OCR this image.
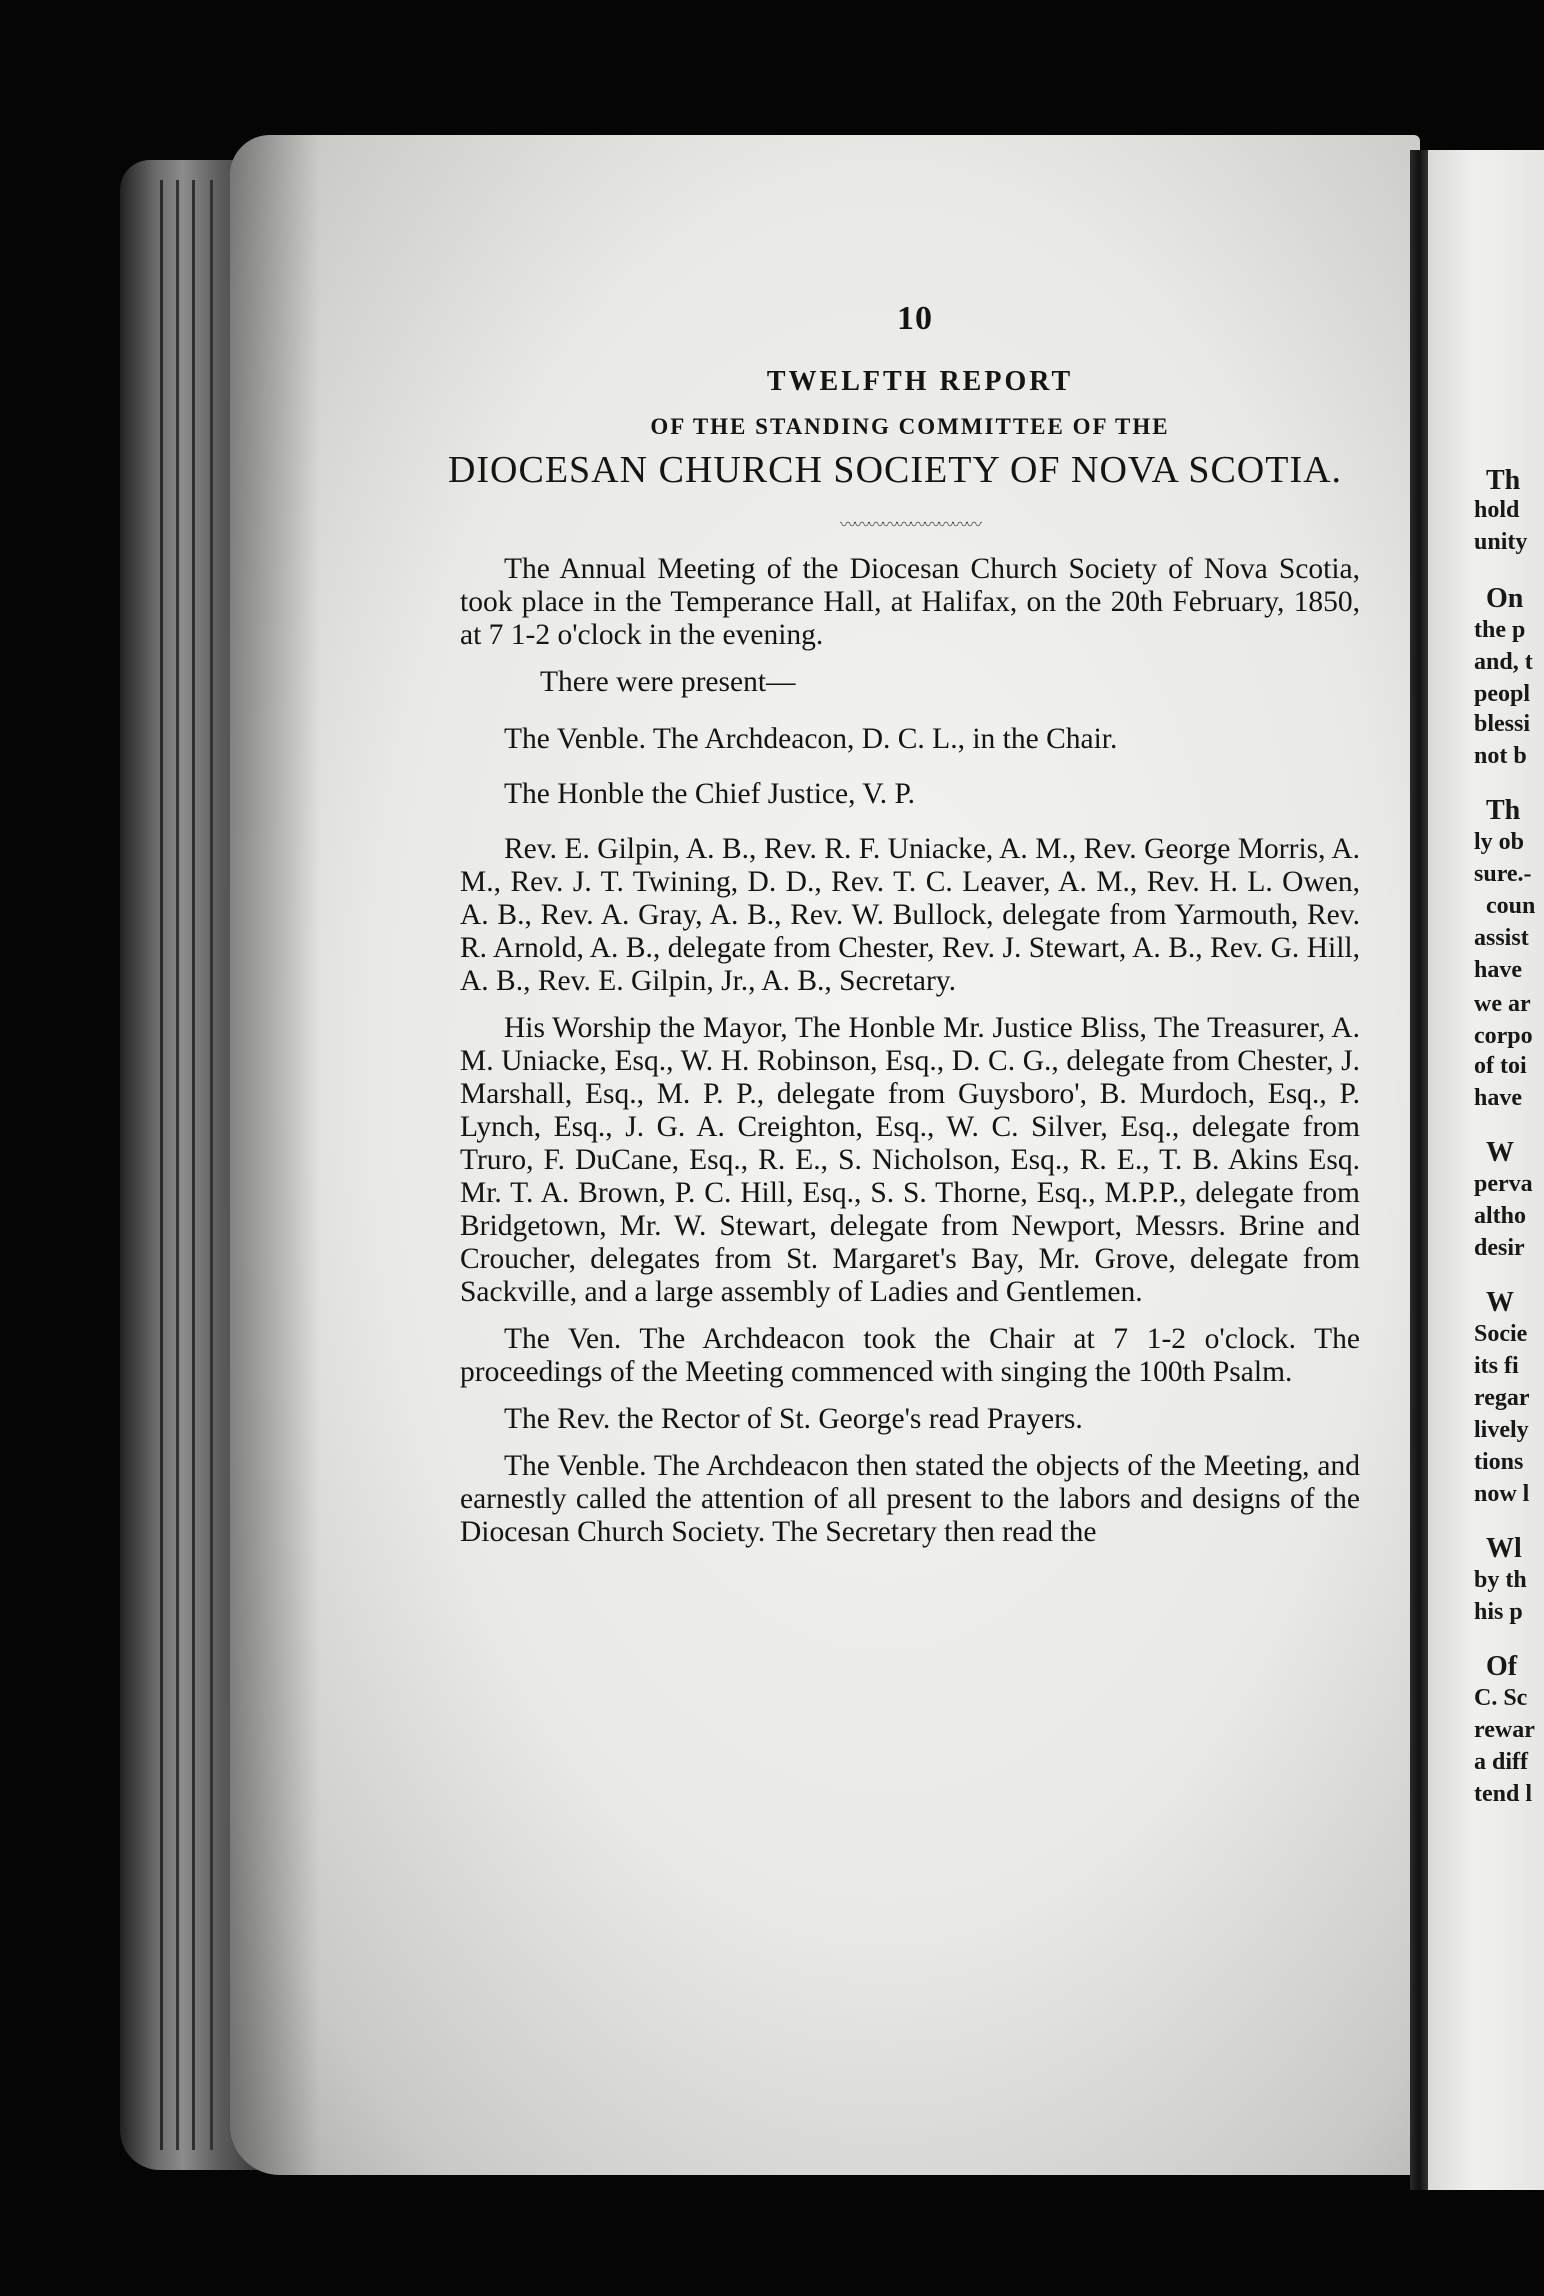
10
TWELFTH REPORT
OF THE STANDING COMMITTEE OF THE
DIOCESAN CHURCH SOCIETY OF NOVA SCOTIA.
〰〰〰〰〰〰〰〰〰〰

The Annual Meeting of the Diocesan Church Society of Nova Scotia, took place in the Temperance Hall, at Halifax, on the 20th February, 1850, at 7 1-2 o'clock in the evening.

There were present—

The Venble. The Archdeacon, D. C. L., in the Chair.

The Honble the Chief Justice, V. P.

Rev. E. Gilpin, A. B., Rev. R. F. Uniacke, A. M., Rev. George Morris, A. M., Rev. J. T. Twining, D. D., Rev. T. C. Leaver, A. M., Rev. H. L. Owen, A. B., Rev. A. Gray, A. B., Rev. W. Bullock, delegate from Yarmouth, Rev. R. Arnold, A. B., delegate from Chester, Rev. J. Stewart, A. B., Rev. G. Hill, A. B., Rev. E. Gilpin, Jr., A. B., Secretary.

His Worship the Mayor, The Honble Mr. Justice Bliss, The Treasurer, A. M. Uniacke, Esq., W. H. Robinson, Esq., D. C. G., delegate from Chester, J. Marshall, Esq., M. P. P., delegate from Guysboro', B. Murdoch, Esq., P. Lynch, Esq., J. G. A. Creighton, Esq., W. C. Silver, Esq., delegate from Truro, F. DuCane, Esq., R. E., S. Nicholson, Esq., R. E., T. B. Akins Esq. Mr. T. A. Brown, P. C. Hill, Esq., S. S. Thorne, Esq., M.P.P., delegate from Bridgetown, Mr. W. Stewart, delegate from Newport, Messrs. Brine and Croucher, delegates from St. Margaret's Bay, Mr. Grove, delegate from Sackville, and a large assembly of Ladies and Gentlemen.

The Ven. The Archdeacon took the Chair at 7 1-2 o'clock. The proceedings of the Meeting commenced with singing the 100th Psalm.

The Rev. the Rector of St. George's read Prayers.

The Venble. The Archdeacon then stated the objects of the Meeting, and earnestly called the attention of all present to the labors and designs of the Diocesan Church Society. The Secretary then read the

Th
hold
unity
On
the p
and, t
peopl
blessi
not b
Th
ly ob
sure.-
coun
assist
have
we ar
corpo
of toi
have
W
perva
altho
desir
W
Socie
its fi
regar
lively
tions
now l
Wl
by th
his p
Of
C. Sc
rewar
a diff
tend l
